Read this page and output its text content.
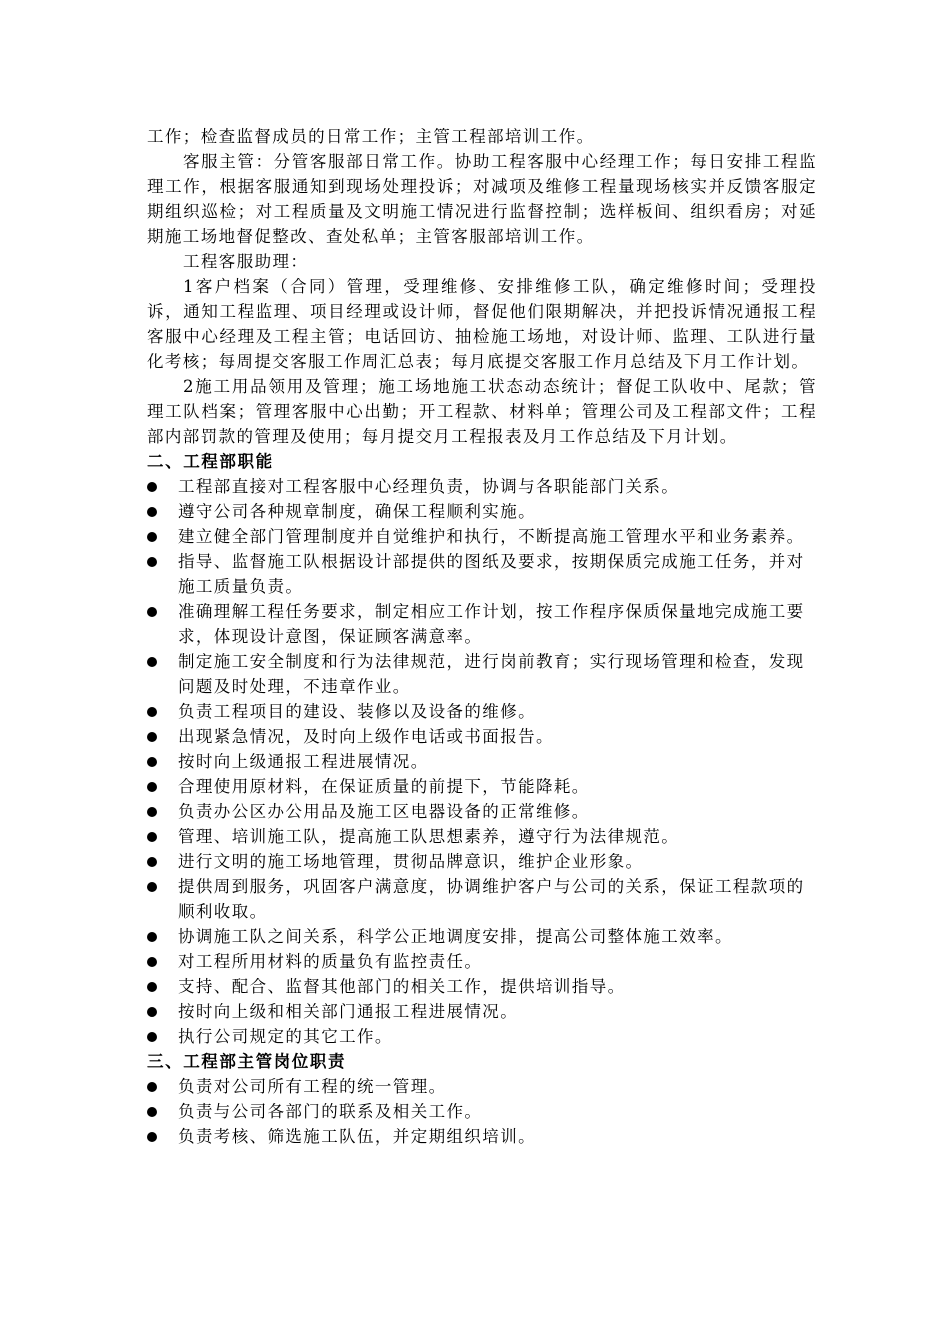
工作；检查监督成员的日常工作；主管工程部培训工作。

客服主管：分管客服部日常工作。协助工程客服中心经理工作；每日安排工程监理工作，根据客服通知到现场处理投诉；对减项及维修工程量现场核实并反馈客服定期组织巡检；对工程质量及文明施工情况进行监督控制；选样板间、组织看房；对延期施工场地督促整改、查处私单；主管客服部培训工作。

工程客服助理：

1客户档案（合同）管理，受理维修、安排维修工队，确定维修时间；受理投诉，通知工程监理、项目经理或设计师，督促他们限期解决，并把投诉情况通报工程客服中心经理及工程主管；电话回访、抽检施工场地，对设计师、监理、工队进行量化考核；每周提交客服工作周汇总表；每月底提交客服工作月总结及下月工作计划。

2施工用品领用及管理；施工场地施工状态动态统计；督促工队收中、尾款；管理工队档案；管理客服中心出勤；开工程款、材料单；管理公司及工程部文件；工程部内部罚款的管理及使用；每月提交月工程报表及月工作总结及下月计划。

二、工程部职能

工程部直接对工程客服中心经理负责，协调与各职能部门关系。
遵守公司各种规章制度，确保工程顺利实施。
建立健全部门管理制度并自觉维护和执行，不断提高施工管理水平和业务素养。
指导、监督施工队根据设计部提供的图纸及要求，按期保质完成施工任务，并对施工质量负责。
准确理解工程任务要求，制定相应工作计划，按工作程序保质保量地完成施工要求，体现设计意图，保证顾客满意率。
制定施工安全制度和行为法律规范，进行岗前教育；实行现场管理和检查，发现问题及时处理，不违章作业。
负责工程项目的建设、装修以及设备的维修。
出现紧急情况，及时向上级作电话或书面报告。
按时向上级通报工程进展情况。
合理使用原材料，在保证质量的前提下，节能降耗。
负责办公区办公用品及施工区电器设备的正常维修。
管理、培训施工队，提高施工队思想素养，遵守行为法律规范。
进行文明的施工场地管理，贯彻品牌意识，维护企业形象。
提供周到服务，巩固客户满意度，协调维护客户与公司的关系，保证工程款项的顺利收取。
协调施工队之间关系，科学公正地调度安排，提高公司整体施工效率。
对工程所用材料的质量负有监控责任。
支持、配合、监督其他部门的相关工作，提供培训指导。
按时向上级和相关部门通报工程进展情况。
执行公司规定的其它工作。

三、工程部主管岗位职责

负责对公司所有工程的统一管理。
负责与公司各部门的联系及相关工作。
负责考核、筛选施工队伍，并定期组织培训。
